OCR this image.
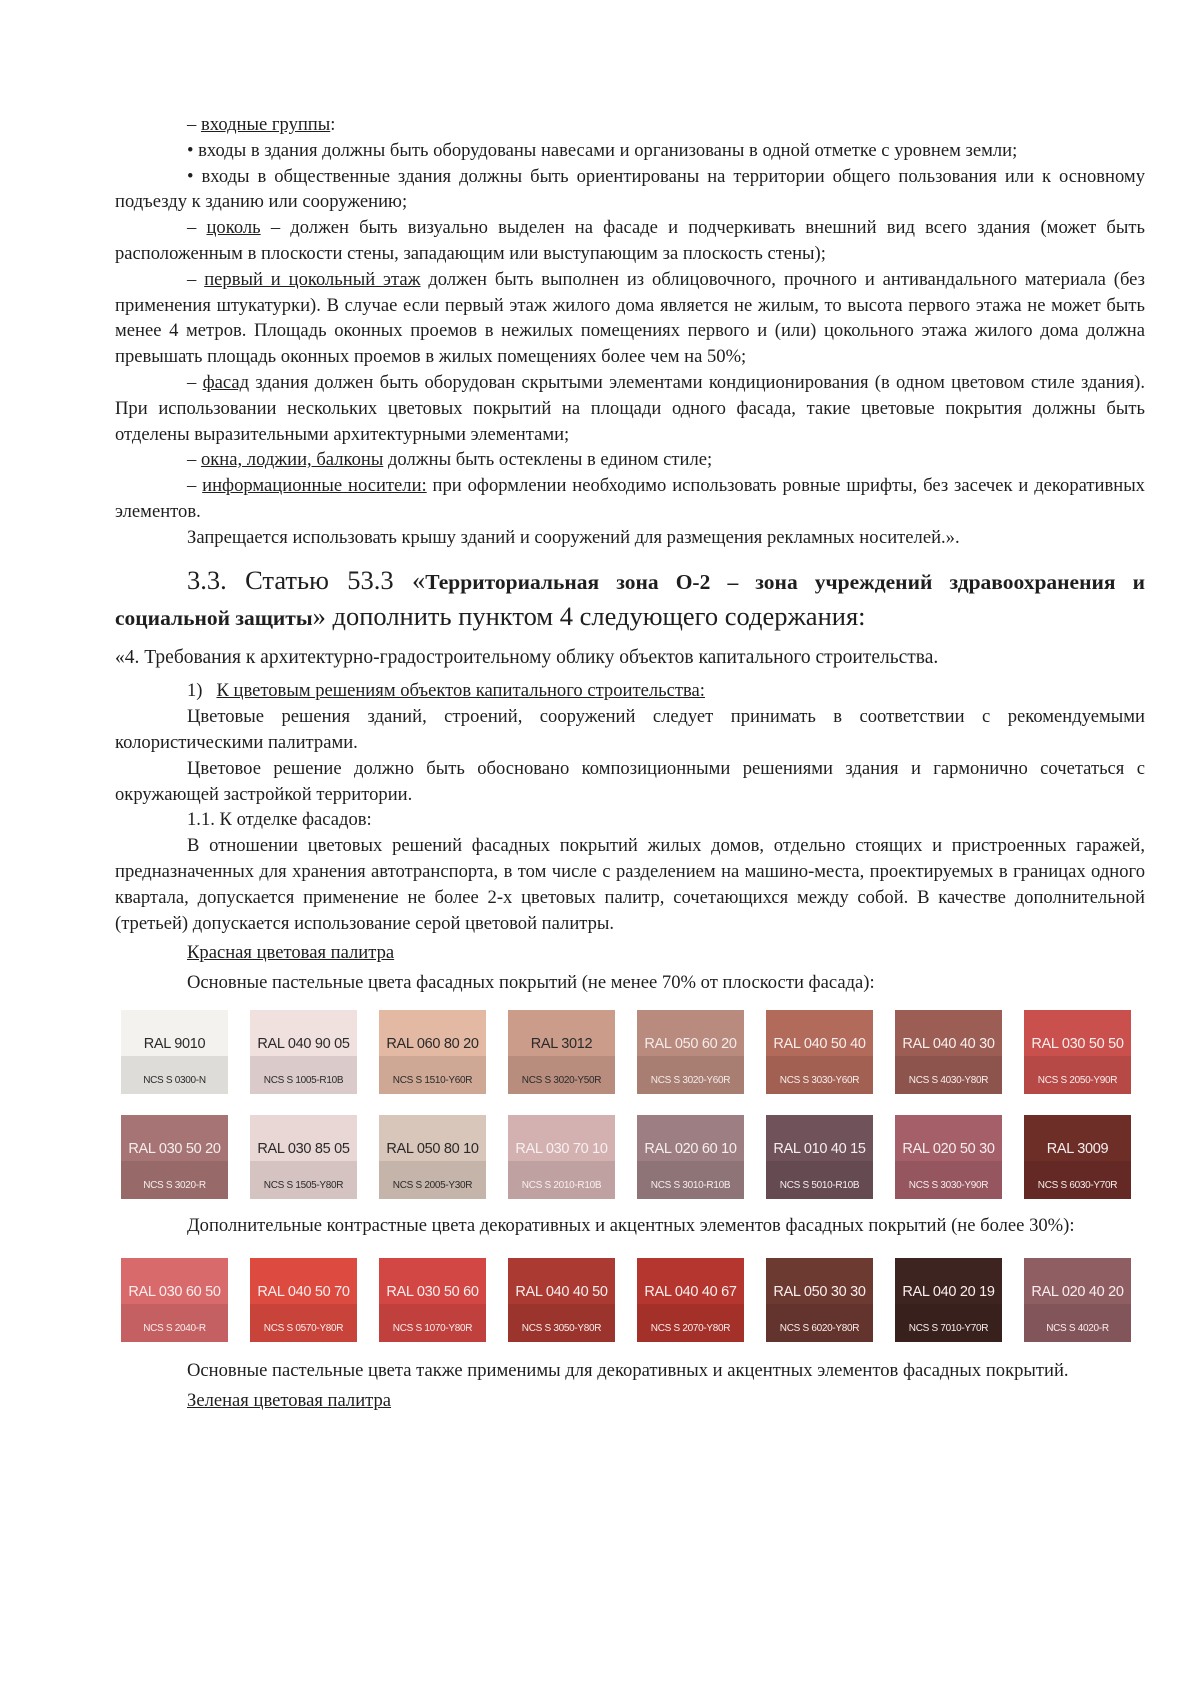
– входные группы:

• входы в здания должны быть оборудованы навесами и организованы в одной отметке с уровнем земли;

• входы в общественные здания должны быть ориентированы на территории общего пользования или к основному подъезду к зданию или сооружению;

– цоколь – должен быть визуально выделен на фасаде и подчеркивать внешний вид всего здания (может быть расположенным в плоскости стены, западающим или выступающим за плоскость стены);

– первый и цокольный этаж должен быть выполнен из облицовочного, прочного и антивандального материала (без применения штукатурки). В случае если первый этаж жилого дома является не жилым, то высота первого этажа не может быть менее 4 метров. Площадь оконных проемов в нежилых помещениях первого и (или) цокольного этажа жилого дома должна превышать площадь оконных проемов в жилых помещениях более чем на 50%;

– фасад здания должен быть оборудован скрытыми элементами кондиционирования (в одном цветовом стиле здания). При использовании нескольких цветовых покрытий на площади одного фасада, такие цветовые покрытия должны быть отделены выразительными архитектурными элементами;

– окна, лоджии, балконы должны быть остеклены в едином стиле;

– информационные носители: при оформлении необходимо использовать ровные шрифты, без засечек и декоративных элементов.

Запрещается использовать крышу зданий и сооружений для размещения рекламных носителей.».

3.3. Статью 53.3 «Территориальная зона О-2 – зона учреждений здравоохранения и социальной защиты» дополнить пунктом 4 следующего содержания:

«4. Требования к архитектурно-градостроительному облику объектов капитального строительства.

1) К цветовым решениям объектов капитального строительства:

Цветовые решения зданий, строений, сооружений следует принимать в соответствии с рекомендуемыми колористическими палитрами.

Цветовое решение должно быть обосновано композиционными решениями здания и гармонично сочетаться с окружающей застройкой территории.

1.1. К отделке фасадов:

В отношении цветовых решений фасадных покрытий жилых домов, отдельно стоящих и пристроенных гаражей, предназначенных для хранения автотранспорта, в том числе с разделением на машино-места, проектируемых в границах одного квартала, допускается применение не более 2-х цветовых палитр, сочетающихся между собой. В качестве дополнительной (третьей) допускается использование серой цветовой палитры.

Красная цветовая палитра

Основные пастельные цвета фасадных покрытий (не менее 70% от плоскости фасада):

RAL 9010
NCS S 0300-N
RAL 040 90 05
NCS S 1005-R10B
RAL 060 80 20
NCS S 1510-Y60R
RAL 3012
NCS S 3020-Y50R
RAL 050 60 20
NCS S 3020-Y60R
RAL 040 50 40
NCS S 3030-Y60R
RAL 040 40 30
NCS S 4030-Y80R
RAL 030 50 50
NCS S 2050-Y90R
RAL 030 50 20
NCS S 3020-R
RAL 030 85 05
NCS S 1505-Y80R
RAL 050 80 10
NCS S 2005-Y30R
RAL 030 70 10
NCS S 2010-R10B
RAL 020 60 10
NCS S 3010-R10B
RAL 010 40 15
NCS S 5010-R10B
RAL 020 50 30
NCS S 3030-Y90R
RAL 3009
NCS S 6030-Y70R

Дополнительные контрастные цвета декоративных и акцентных элементов фасадных покрытий (не более 30%):

RAL 030 60 50
NCS S 2040-R
RAL 040 50 70
NCS S 0570-Y80R
RAL 030 50 60
NCS S 1070-Y80R
RAL 040 40 50
NCS S 3050-Y80R
RAL 040 40 67
NCS S 2070-Y80R
RAL 050 30 30
NCS S 6020-Y80R
RAL 040 20 19
NCS S 7010-Y70R
RAL 020 40 20
NCS S 4020-R

Основные пастельные цвета также применимы для декоративных и акцентных элементов фасадных покрытий.

Зеленая цветовая палитра
